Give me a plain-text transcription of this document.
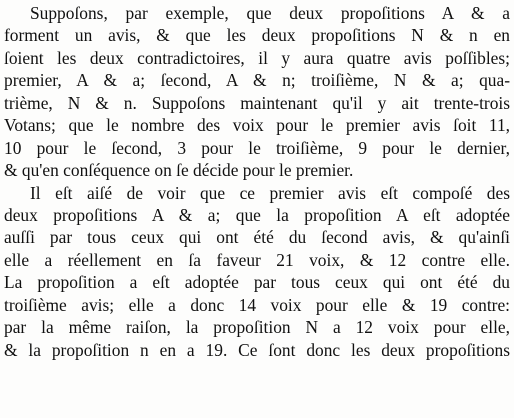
Suppoſons, par exemple, que deux propoſitions A & a
forment un avis, & que les deux propoſitions N & n en
ſoient les deux contradictoires, il y aura quatre avis poſſibles;
premier, A & a; ſecond, A & n; troiſième, N & a; qua-
trième, N & n. Suppoſons maintenant qu'il y ait trente-trois
Votans; que le nombre des voix pour le premier avis ſoit 11,
10 pour le ſecond, 3 pour le troiſième, 9 pour le dernier,
& qu'en conſéquence on ſe décide pour le premier.
Il eſt aiſé de voir que ce premier avis eſt compoſé des
deux propoſitions A & a; que la propoſition A eſt adoptée
auſſi par tous ceux qui ont été du ſecond avis, & qu'ainſi
elle a réellement en ſa faveur 21 voix, & 12 contre elle.
La propoſition a eſt adoptée par tous ceux qui ont été du
troiſième avis; elle a donc 14 voix pour elle & 19 contre:
par la même raiſon, la propoſition N a 12 voix pour elle,
& la propoſition n en a 19. Ce ſont donc les deux propoſitions
